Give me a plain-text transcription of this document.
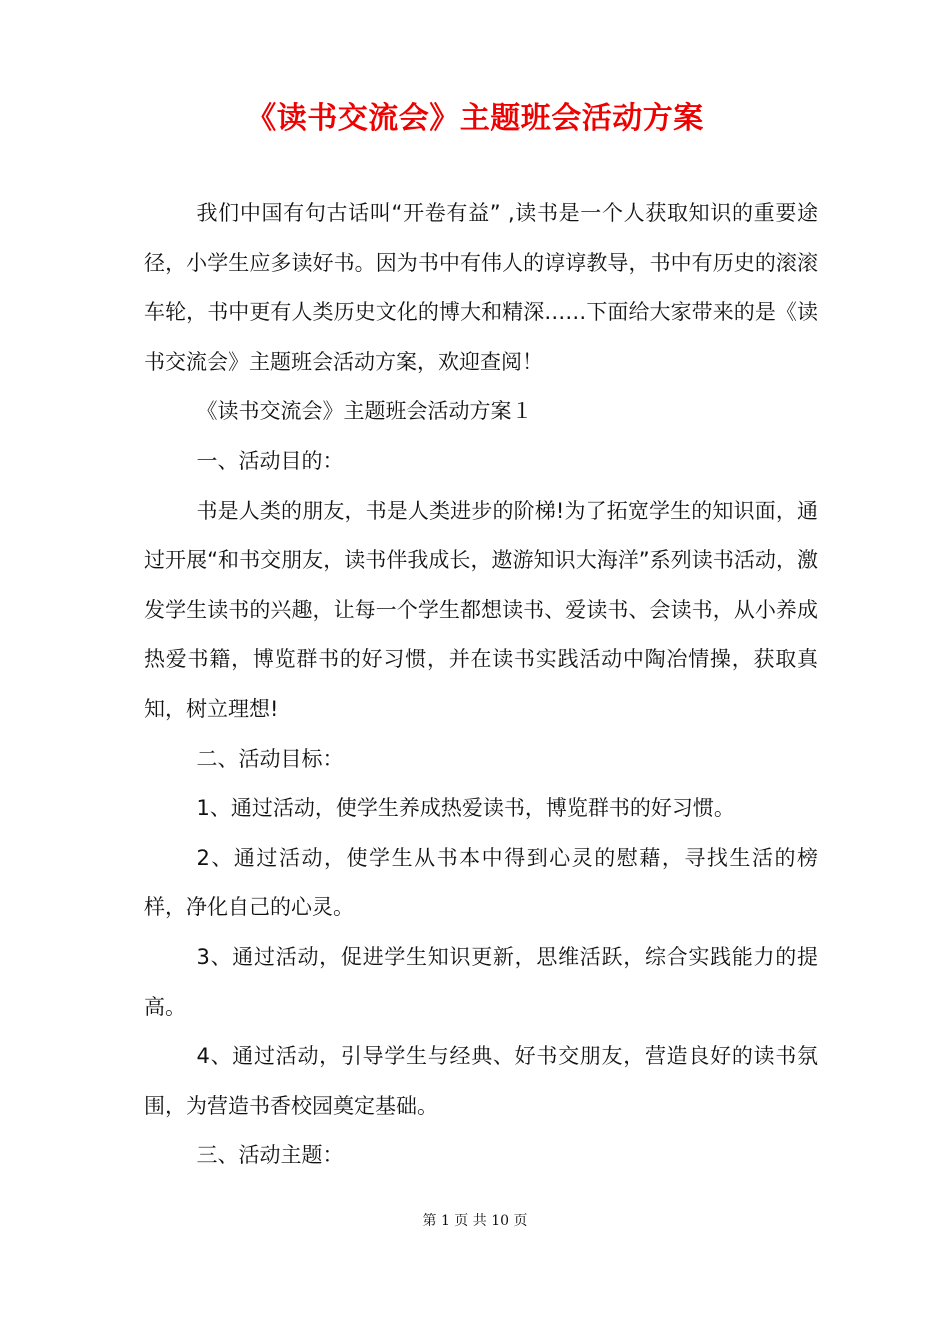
《读书交流会》主题班会活动方案

我们中国有句古话叫“开卷有益” ,读书是一个人获取知识的重要途径，小学生应多读好书。因为书中有伟人的谆谆教导，书中有历史的滚滚车轮，书中更有人类历史文化的博大和精深……下面给大家带来的是《读书交流会》主题班会活动方案，欢迎查阅！

《读书交流会》主题班会活动方案１

一、活动目的：

书是人类的朋友，书是人类进步的阶梯!为了拓宽学生的知识面，通过开展“和书交朋友，读书伴我成长，遨游知识大海洋”系列读书活动，激发学生读书的兴趣，让每一个学生都想读书、爱读书、会读书，从小养成热爱书籍，博览群书的好习惯，并在读书实践活动中陶冶情操，获取真知，树立理想!

二、活动目标：

1、通过活动，使学生养成热爱读书，博览群书的好习惯。

2、通过活动，使学生从书本中得到心灵的慰藉，寻找生活的榜样，净化自己的心灵。

3、通过活动，促进学生知识更新，思维活跃，综合实践能力的提高。

4、通过活动，引导学生与经典、好书交朋友，营造良好的读书氛围，为营造书香校园奠定基础。

三、活动主题：

第 1 页 共 10 页
